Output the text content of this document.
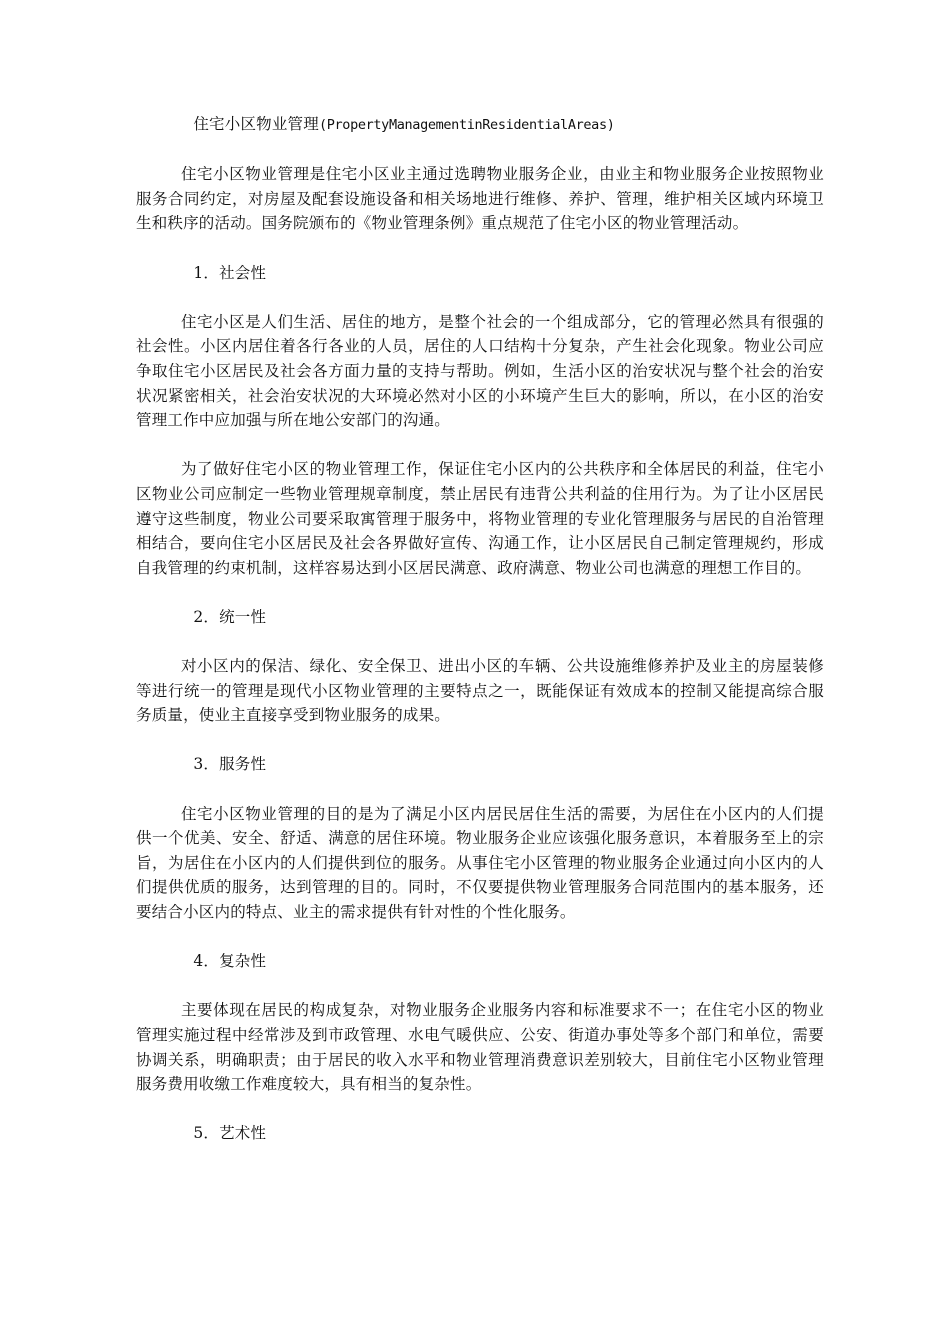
住宅小区物业管理(PropertyManagementinResidentialAreas)

住宅小区物业管理是住宅小区业主通过选聘物业服务企业，由业主和物业服务企业按照物业服务合同约定，对房屋及配套设施设备和相关场地进行维修、养护、管理，维护相关区域内环境卫生和秩序的活动。国务院颁布的《物业管理条例》重点规范了住宅小区的物业管理活动。

1．社会性

住宅小区是人们生活、居住的地方，是整个社会的一个组成部分，它的管理必然具有很强的社会性。小区内居住着各行各业的人员，居住的人口结构十分复杂，产生社会化现象。物业公司应争取住宅小区居民及社会各方面力量的支持与帮助。例如，生活小区的治安状况与整个社会的治安状况紧密相关，社会治安状况的大环境必然对小区的小环境产生巨大的影响，所以，在小区的治安管理工作中应加强与所在地公安部门的沟通。

为了做好住宅小区的物业管理工作，保证住宅小区内的公共秩序和全体居民的利益，住宅小区物业公司应制定一些物业管理规章制度，禁止居民有违背公共利益的住用行为。为了让小区居民遵守这些制度，物业公司要采取寓管理于服务中，将物业管理的专业化管理服务与居民的自治管理相结合，要向住宅小区居民及社会各界做好宣传、沟通工作，让小区居民自己制定管理规约，形成自我管理的约束机制，这样容易达到小区居民满意、政府满意、物业公司也满意的理想工作目的。

2．统一性

对小区内的保洁、绿化、安全保卫、进出小区的车辆、公共设施维修养护及业主的房屋装修等进行统一的管理是现代小区物业管理的主要特点之一，既能保证有效成本的控制又能提高综合服务质量，使业主直接享受到物业服务的成果。

3．服务性

住宅小区物业管理的目的是为了满足小区内居民居住生活的需要，为居住在小区内的人们提供一个优美、安全、舒适、满意的居住环境。物业服务企业应该强化服务意识，本着服务至上的宗旨，为居住在小区内的人们提供到位的服务。从事住宅小区管理的物业服务企业通过向小区内的人们提供优质的服务，达到管理的目的。同时，不仅要提供物业管理服务合同范围内的基本服务，还要结合小区内的特点、业主的需求提供有针对性的个性化服务。

4．复杂性

主要体现在居民的构成复杂，对物业服务企业服务内容和标准要求不一；在住宅小区的物业管理实施过程中经常涉及到市政管理、水电气暖供应、公安、街道办事处等多个部门和单位，需要协调关系，明确职责；由于居民的收入水平和物业管理消费意识差别较大，目前住宅小区物业管理服务费用收缴工作难度较大，具有相当的复杂性。

5．艺术性
